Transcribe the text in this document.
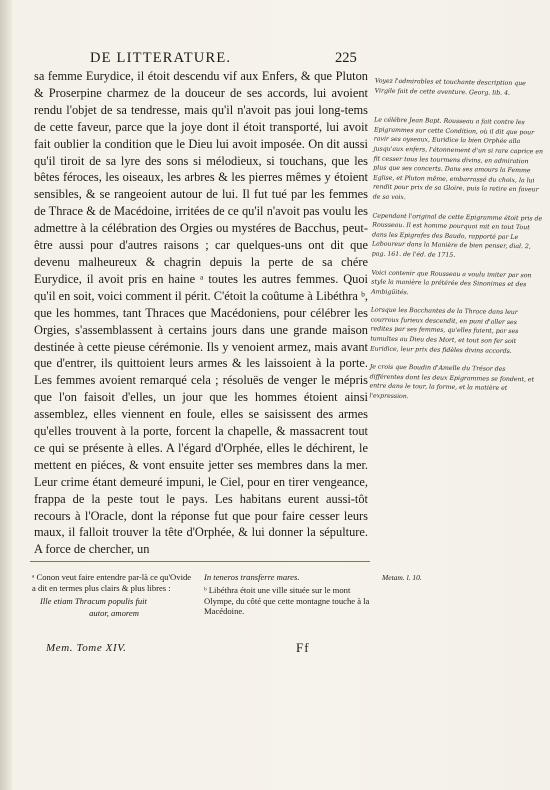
DE LITTERATURE.	225

sa femme Eurydice, il étoit descendu vif aux Enfers, & que Pluton & Proserpine charmez de la douceur de ses accords, lui avoient rendu l'objet de sa tendresse, mais qu'il n'avoit pas joui long-tems de cette faveur, parce que la joye dont il étoit transporté, lui avoit fait oublier la condition que le Dieu lui avoit imposée. On dit aussi qu'il tiroit de sa lyre des sons si mélodieux, si touchans, que les bêtes féroces, les oiseaux, les arbres & les pierres mêmes y étoient sensibles, & se rangeoient autour de lui. Il fut tué par les femmes de Thrace & de Macédoine, irritées de ce qu'il n'avoit pas voulu les admettre à la célébration des Orgies ou mystéres de Bacchus, peut-être aussi pour d'autres raisons ; car quelques-uns ont dit que devenu malheureux & chagrin depuis la perte de sa chére Eurydice, il avoit pris en haine ᵃ toutes les autres femmes. Quoi qu'il en soit, voici comment il périt. C'étoit la coûtume à Libéthra ᵇ, que les hommes, tant Thraces que Macédoniens, pour célébrer les Orgies, s'assemblassent à certains jours dans une grande maison destinée à cette pieuse cérémonie. Ils y venoient armez, mais avant que d'entrer, ils quittoient leurs armes & les laissoient à la porte. Les femmes avoient remarqué cela ; résoluës de venger le mépris que l'on faisoit d'elles, un jour que les hommes étoient ainsi assemblez, elles viennent en foule, elles se saisissent des armes qu'elles trouvent à la porte, forcent la chapelle, & massacrent tout ce qui se présente à elles. A l'égard d'Orphée, elles le déchirent, le mettent en piéces, & vont ensuite jetter ses membres dans la mer. Leur crime étant demeuré impuni, le Ciel, pour en tirer vengeance, frappa de la peste tout le pays. Les habitans eurent aussi-tôt recours à l'Oracle, dont la réponse fut que pour faire cesser leurs maux, il falloit trouver la tête d'Orphée, & lui donner la sépulture. A force de chercher, un

Voyez l'admirables et touchante description que Virgile fait de cette aventure. Georg. lib. 4.

Le célébre Jean Bapt. Rousseau a fait contre les Epigrammes sur cette Condition, où il dit que pour ravir ses oyseaux, Euridice la bien Orphée alla jusqu'aux enfers, l'étonnement d'un si rare caprice en fit cesser tous les tourmens divins, en admiration plus que ses concerts. Dans ses amours la Femme Eglise, et Pluton même, embarrassé du choix, la lui rendit pour prix de sa Gloire, puis la retire en faveur de sa voix.

Cependant l'original de cette Epigramme étoit pris de Rousseau. Il est homme pourquoi mit en tout Tout dans les Epigrafes des Baudo, rapporté par Le Laboureur dans la Manière de bien penser, dial. 2, pag. 161. de l'éd. de 1715.

Voici contenir que Rousseau a voulu imiter par son style la manière la prétérée des Sinonimes et des Ambigüités.

Lorsque les Bacchantes de la Thrace dans leur courroux furieux descendit, en puni d'aller ses redites par ses femmes, qu'elles fuient, par ses tumultes au Dieu des Mort, et tout son fer soit Euridice, leur prix des fidèles divins accords.

Je crois que Boudin d'Amelle du Trésor des différentes dont les deux Epigrammes se fondent, et entre dans le tour, la forme, et la matière et l'expression.

ᵃ Conon veut faire entendre par-là ce qu'Ovide a dit en termes plus clairs & plus libres :

Ille etiam Thracum populis fuit

autor, amorem

In teneros transferre mares.

ᵇ Libéthra étoit une ville située sur le mont Olympe, du côté que cette montagne touche à la Macédoine.

Metam. l. 10.
Mem. Tome XIV.	Ff
